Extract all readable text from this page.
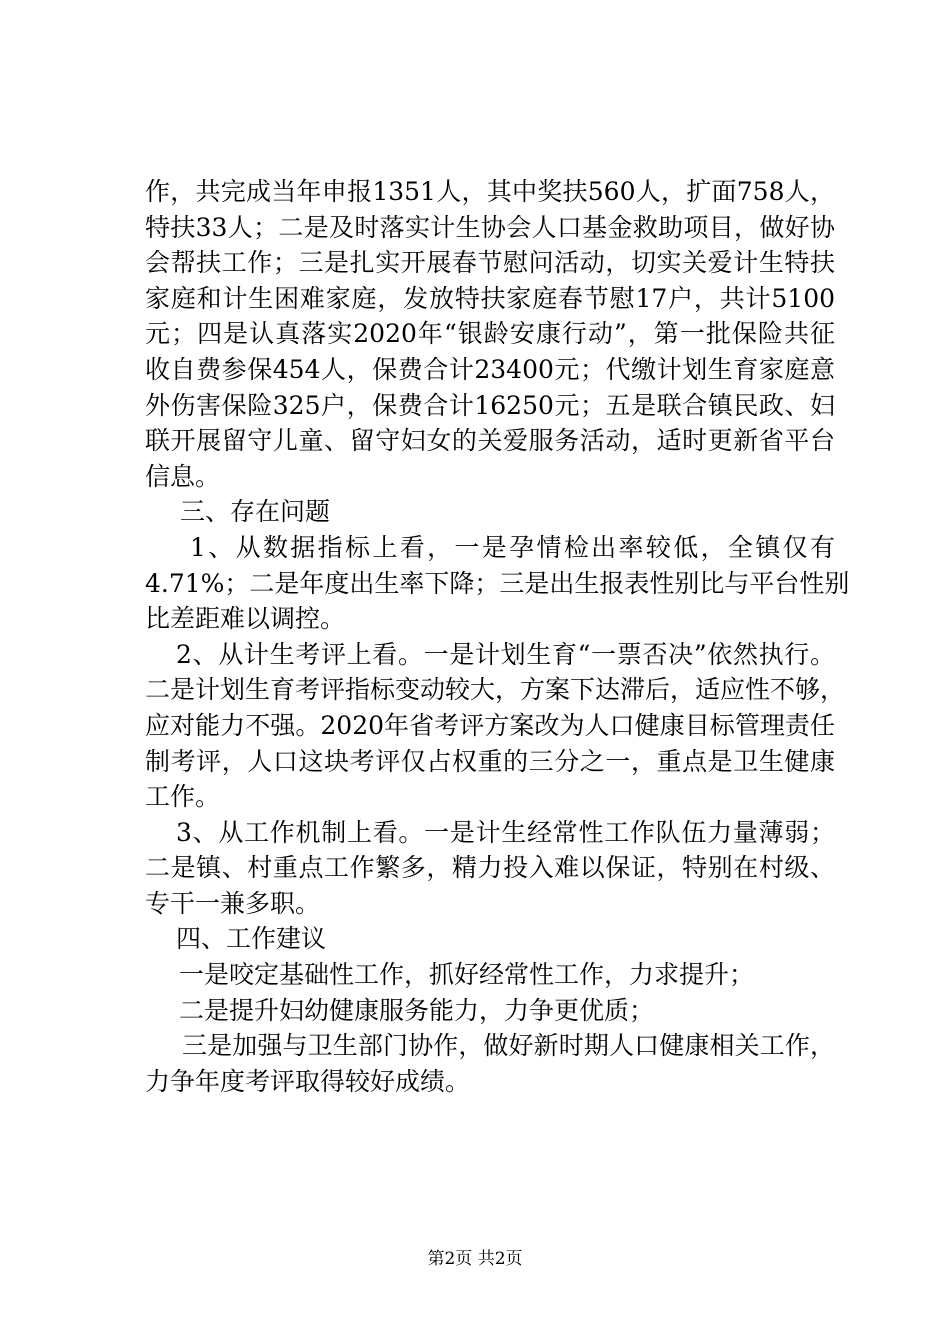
作，共完成当年申报1351人，其中奖扶560人，扩面758人，
特扶33人；二是及时落实计生协会人口基金救助项目，做好协
会帮扶工作；三是扎实开展春节慰问活动，切实关爱计生特扶
家庭和计生困难家庭，发放特扶家庭春节慰17户，共计5100
元；四是认真落实2020年“银龄安康行动”，第一批保险共征
收自费参保454人，保费合计23400元；代缴计划生育家庭意
外伤害保险325户，保费合计16250元；五是联合镇民政、妇
联开展留守儿童、留守妇女的关爱服务活动，适时更新省平台
信息。
三、存在问题
1、从数据指标上看，一是孕情检出率较低，全镇仅有
4.71%；二是年度出生率下降；三是出生报表性别比与平台性别
比差距难以调控。
2、从计生考评上看。一是计划生育“一票否决”依然执行。
二是计划生育考评指标变动较大，方案下达滞后，适应性不够，
应对能力不强。2020年省考评方案改为人口健康目标管理责任
制考评，人口这块考评仅占权重的三分之一，重点是卫生健康
工作。
3、从工作机制上看。一是计生经常性工作队伍力量薄弱；
二是镇、村重点工作繁多，精力投入难以保证，特别在村级、
专干一兼多职。
四、工作建议
一是咬定基础性工作，抓好经常性工作，力求提升；
二是提升妇幼健康服务能力，力争更优质；
三是加强与卫生部门协作，做好新时期人口健康相关工作，
力争年度考评取得较好成绩。
第2页 共2页
